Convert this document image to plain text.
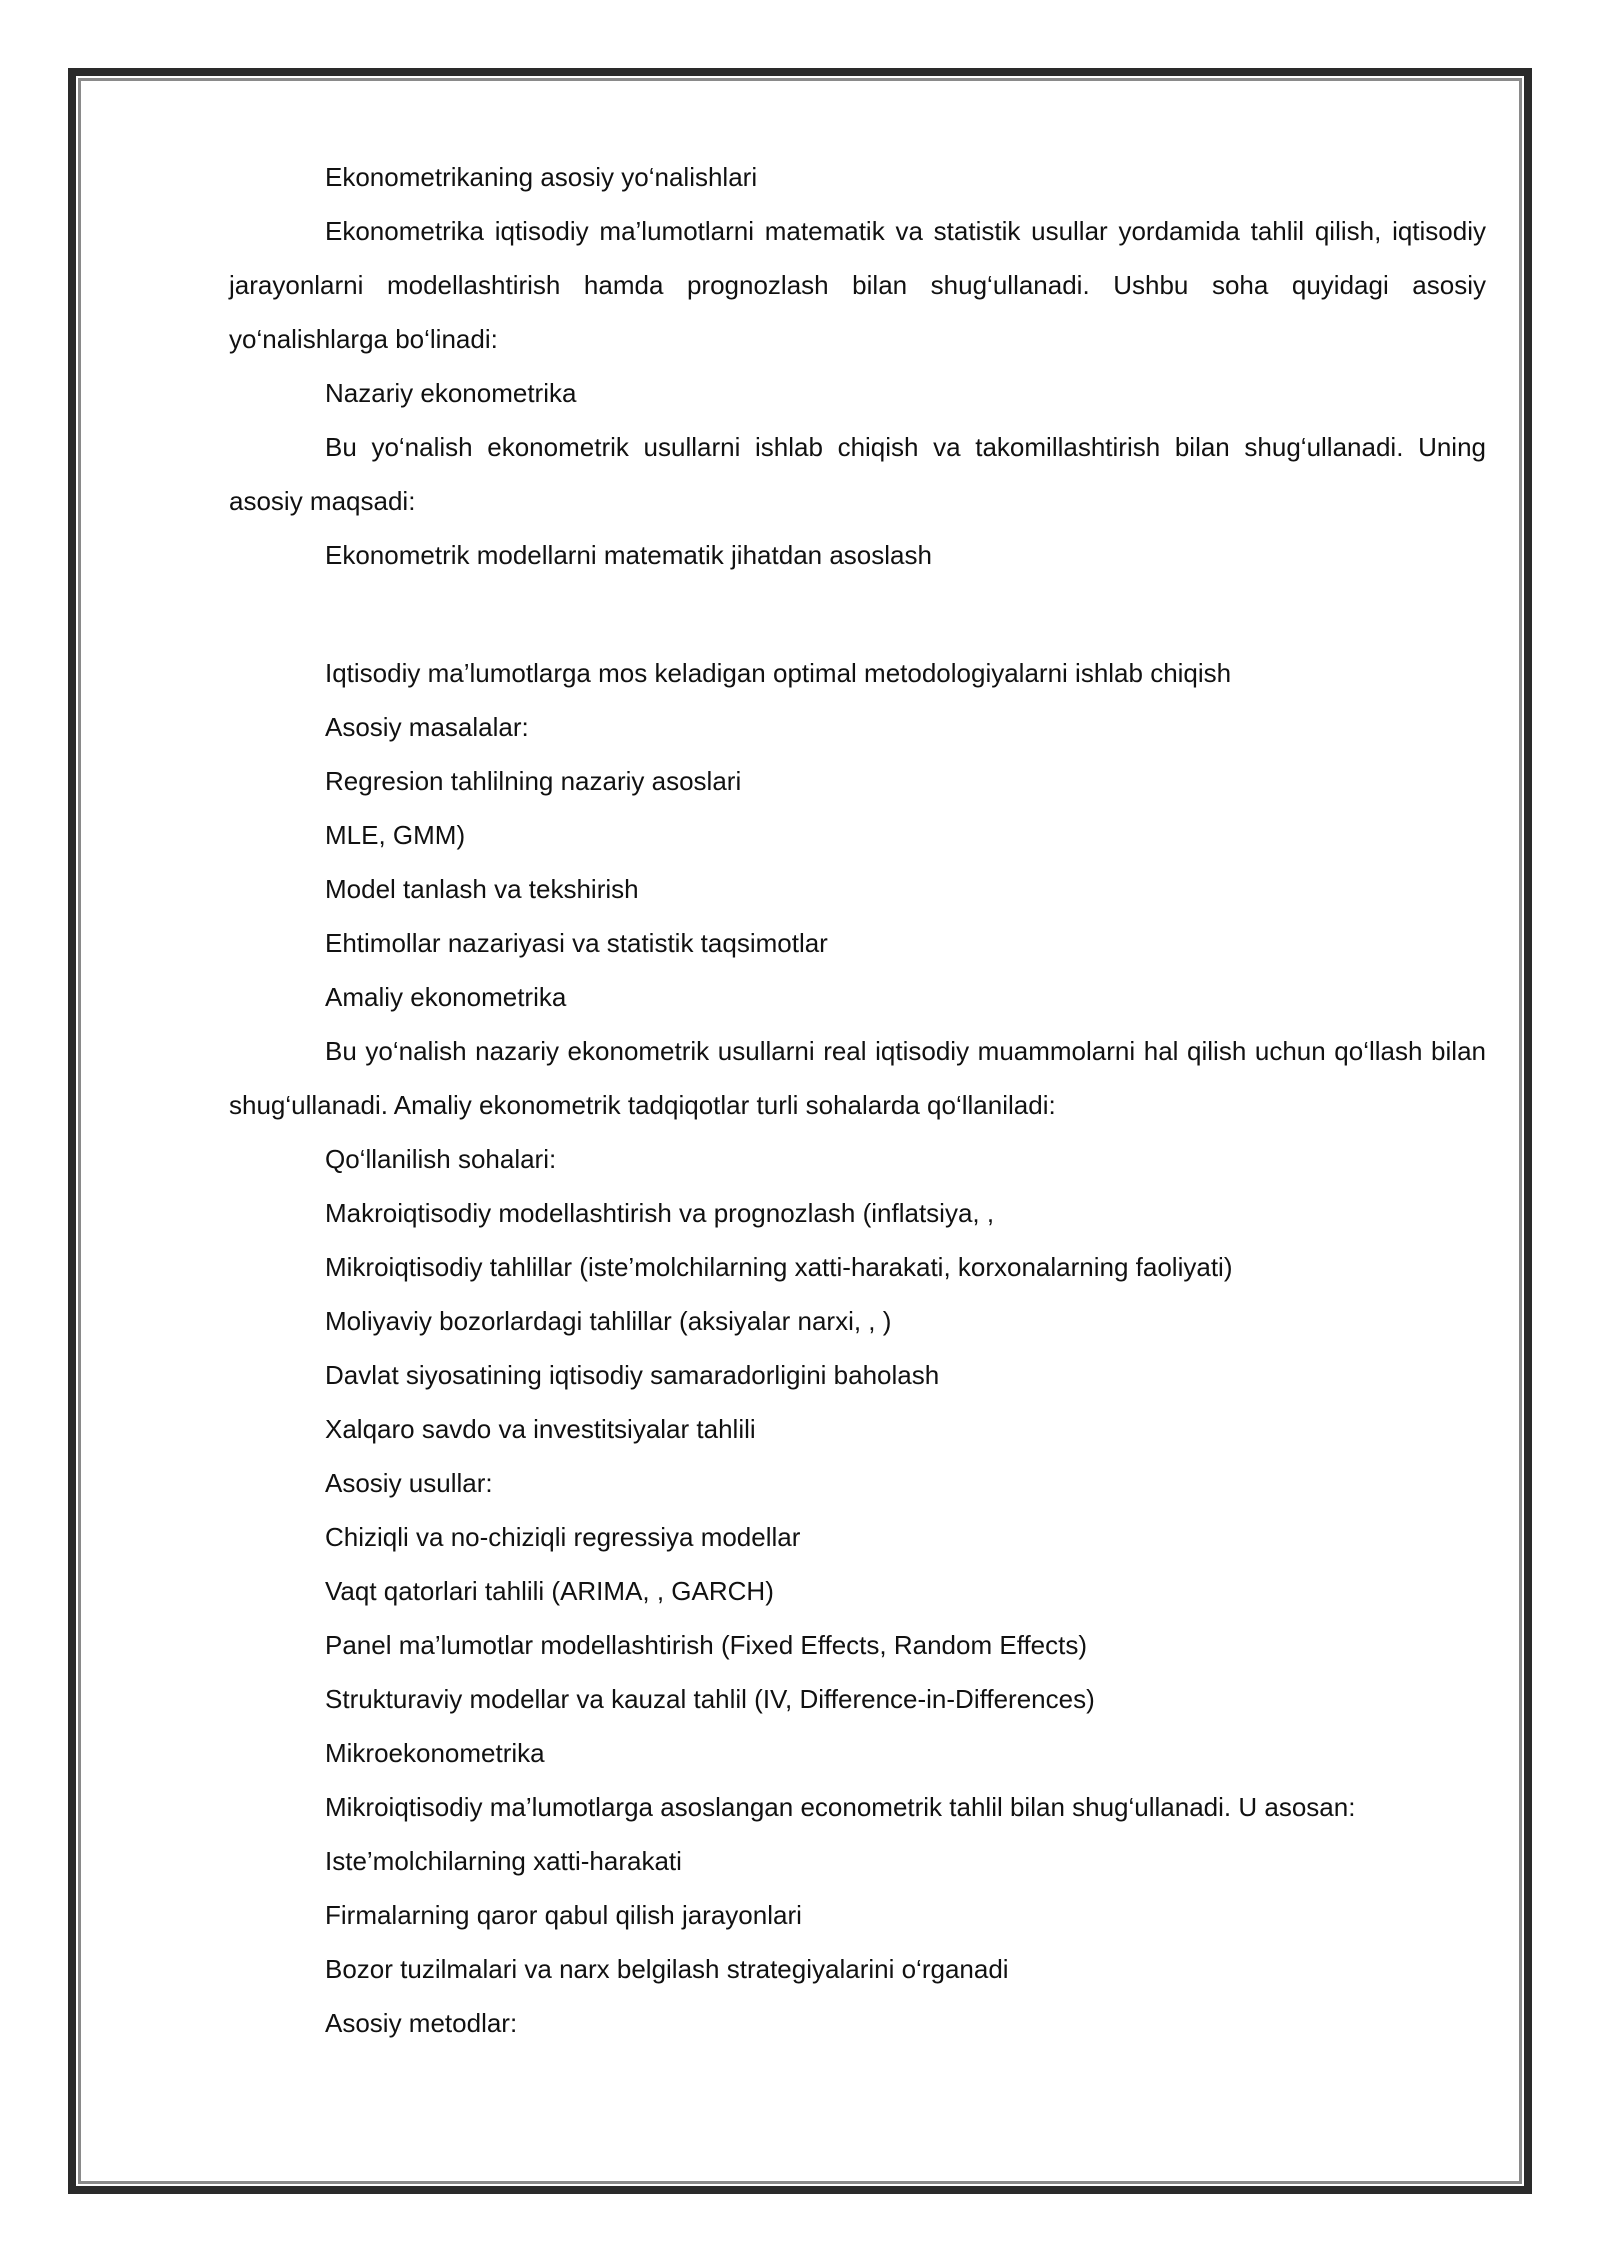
Ekonometrikaning asosiy yo‘nalishlari

Ekonometrika iqtisodiy ma’lumotlarni matematik va statistik usullar yordamida tahlil qilish, iqtisodiy jarayonlarni modellashtirish hamda prognozlash bilan shug‘ullanadi. Ushbu soha quyidagi asosiy yo‘nalishlarga bo‘linadi:

Nazariy ekonometrika

Bu yo‘nalish ekonometrik usullarni ishlab chiqish va takomillashtirish bilan shug‘ullanadi. Uning asosiy maqsadi:

Ekonometrik modellarni matematik jihatdan asoslash

Iqtisodiy ma’lumotlarga mos keladigan optimal metodologiyalarni ishlab chiqish

Asosiy masalalar:

Regresion tahlilning nazariy asoslari

MLE, GMM)

Model tanlash va tekshirish

Ehtimollar nazariyasi va statistik taqsimotlar

Amaliy ekonometrika

Bu yo‘nalish nazariy ekonometrik usullarni real iqtisodiy muammolarni hal qilish uchun qo‘llash bilan shug‘ullanadi. Amaliy ekonometrik tadqiqotlar turli sohalarda qo‘llaniladi:

Qo‘llanilish sohalari:

Makroiqtisodiy modellashtirish va prognozlash (inflatsiya, ,

Mikroiqtisodiy tahlillar (iste’molchilarning xatti-harakati, korxonalarning faoliyati)

Moliyaviy bozorlardagi tahlillar (aksiyalar narxi, , )

Davlat siyosatining iqtisodiy samaradorligini baholash

Xalqaro savdo va investitsiyalar tahlili

Asosiy usullar:

Chiziqli va no-chiziqli regressiya modellar

Vaqt qatorlari tahlili (ARIMA, , GARCH)

Panel ma’lumotlar modellashtirish (Fixed Effects, Random Effects)

Strukturaviy modellar va kauzal tahlil (IV, Difference-in-Differences)

Mikroekonometrika

Mikroiqtisodiy ma’lumotlarga asoslangan econometrik tahlil bilan shug‘ullanadi. U asosan:

Iste’molchilarning xatti-harakati

Firmalarning qaror qabul qilish jarayonlari

Bozor tuzilmalari va narx belgilash strategiyalarini o‘rganadi

Asosiy metodlar:
